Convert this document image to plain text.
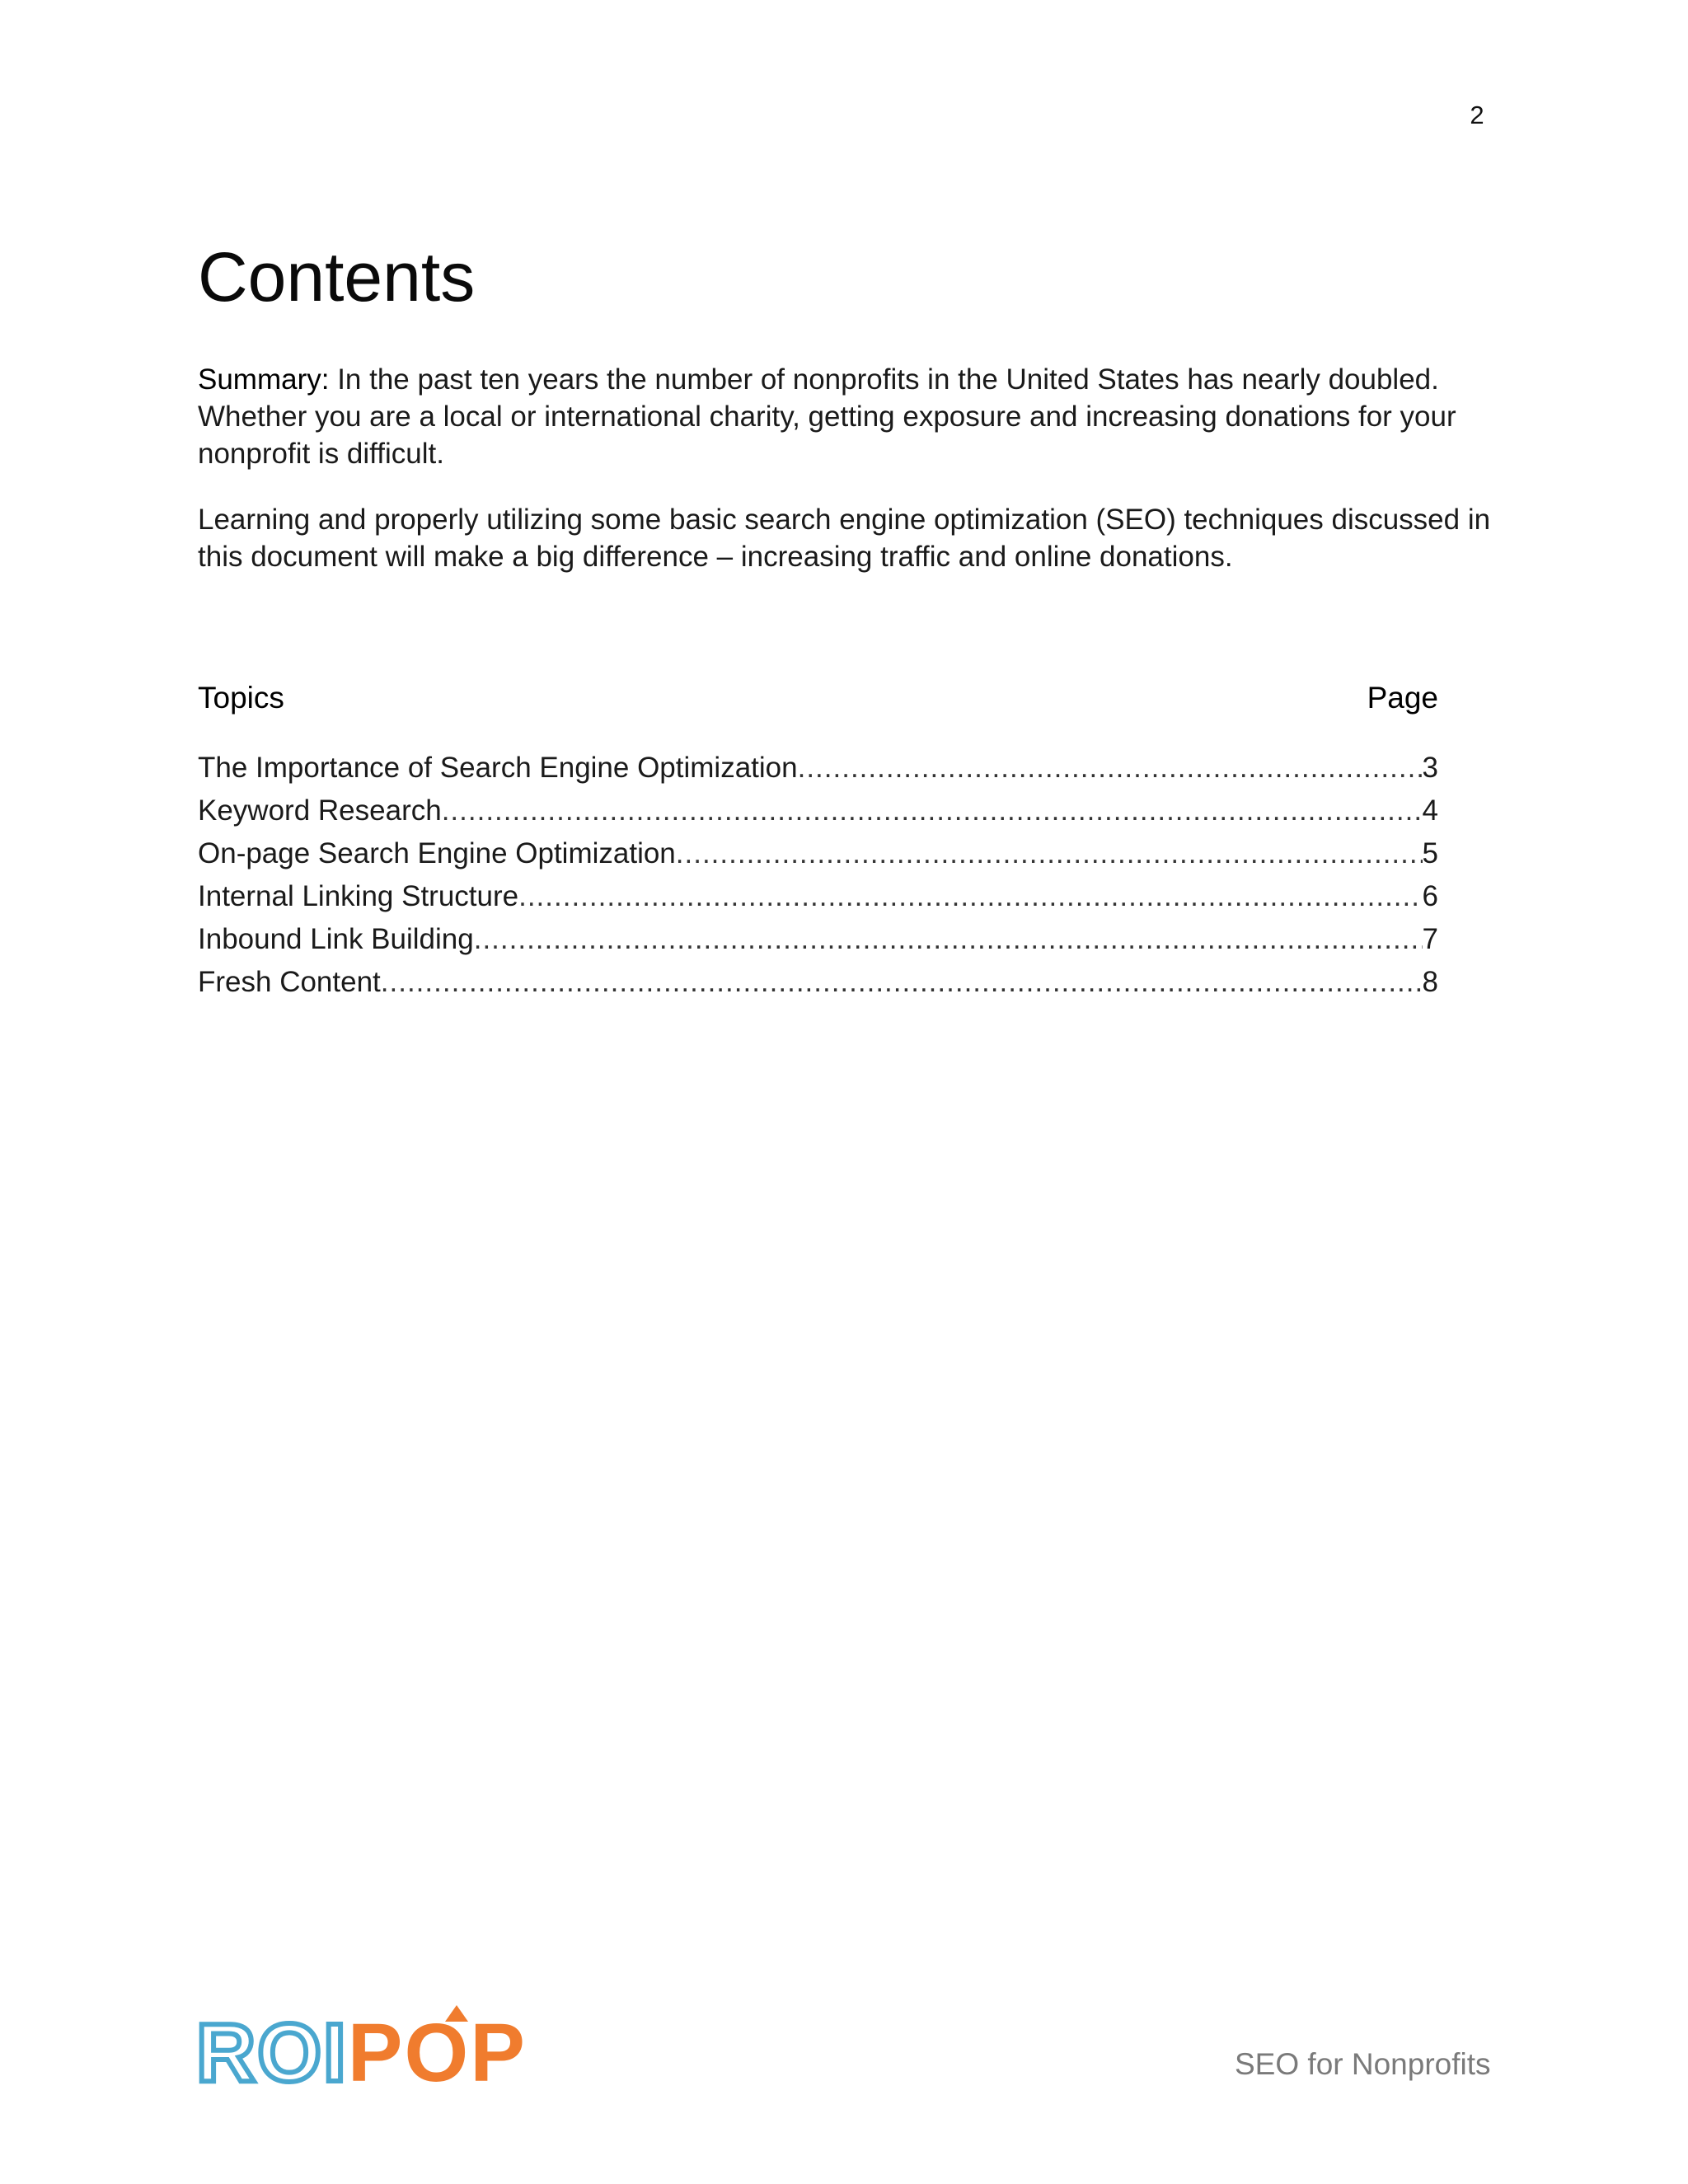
2
Contents

Summary: In the past ten years the number of nonprofits in the United States has nearly doubled. Whether you are a local or international charity, getting exposure and increasing donations for your nonprofit is difficult.

Learning and properly utilizing some basic search engine optimization (SEO) techniques discussed in this document will make a big difference – increasing traffic and online donations.

Topics	Page
The Importance of Search Engine Optimization .....	3
Keyword Research .....	4
On-page Search Engine Optimization .....	5
Internal Linking Structure .....	6
Inbound Link Building .....	7
Fresh Content .....	8
ROI POP	SEO for Nonprofits
